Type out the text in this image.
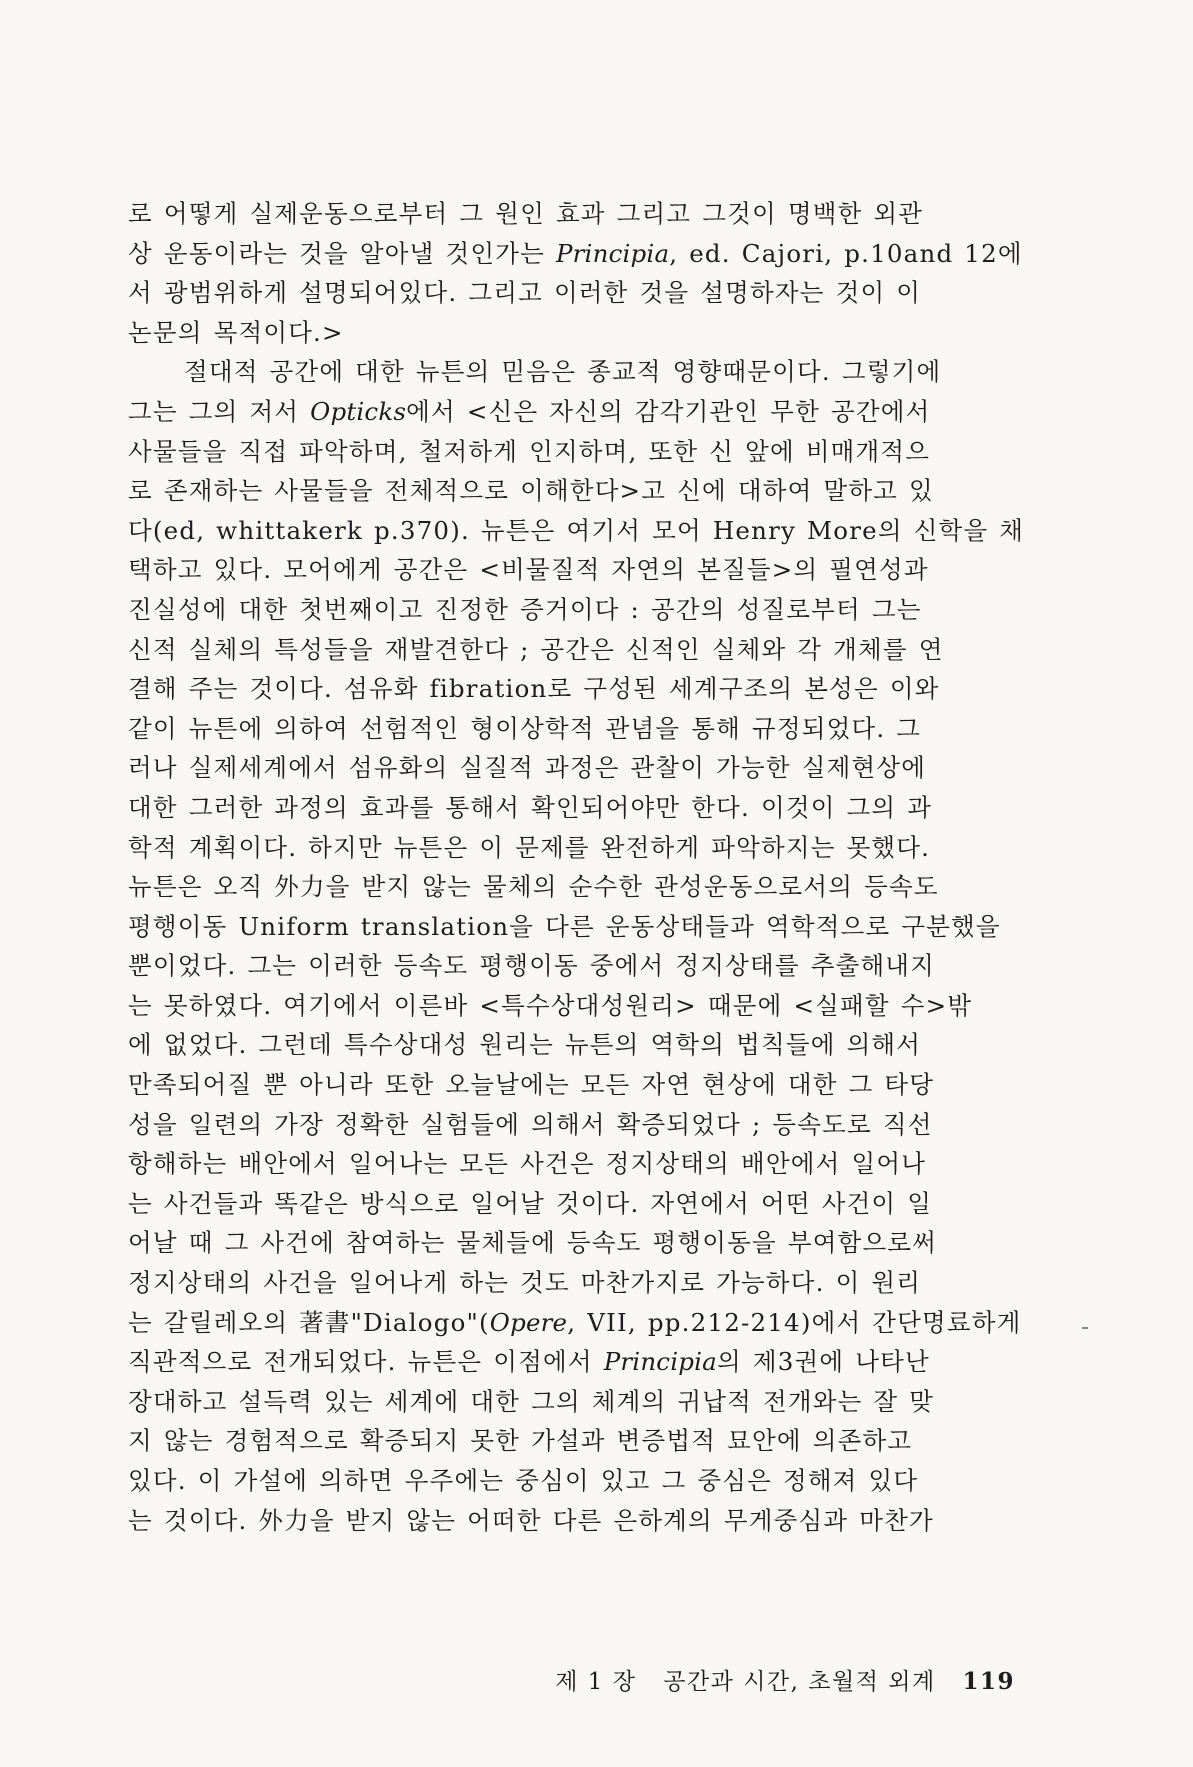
로 어떻게 실제운동으로부터 그 원인 효과 그리고 그것이 명백한 외관
상 운동이라는 것을 알아낼 것인가는 Principia, ed. Cajori, p.10and 12에
서 광범위하게 설명되어있다. 그리고 이러한 것을 설명하자는 것이 이
논문의 목적이다.>
절대적 공간에 대한 뉴튼의 믿음은 종교적 영향때문이다. 그렇기에
그는 그의 저서 Opticks에서 <신은 자신의 감각기관인 무한 공간에서
사물들을 직접 파악하며, 철저하게 인지하며, 또한 신 앞에 비매개적으
로 존재하는 사물들을 전체적으로 이해한다>고 신에 대하여 말하고 있
다(ed, whittakerk p.370). 뉴튼은 여기서 모어 Henry More의 신학을 채
택하고 있다. 모어에게 공간은 <비물질적 자연의 본질들>의 필연성과
진실성에 대한 첫번째이고 진정한 증거이다 : 공간의 성질로부터 그는
신적 실체의 특성들을 재발견한다 ; 공간은 신적인 실체와 각 개체를 연
결해 주는 것이다. 섬유화 fibration로 구성된 세계구조의 본성은 이와
같이 뉴튼에 의하여 선험적인 형이상학적 관념을 통해 규정되었다. 그
러나 실제세계에서 섬유화의 실질적 과정은 관찰이 가능한 실제현상에
대한 그러한 과정의 효과를 통해서 확인되어야만 한다. 이것이 그의 과
학적 계획이다. 하지만 뉴튼은 이 문제를 완전하게 파악하지는 못했다.
뉴튼은 오직 外力을 받지 않는 물체의 순수한 관성운동으로서의 등속도
평행이동 Uniform translation을 다른 운동상태들과 역학적으로 구분했을
뿐이었다. 그는 이러한 등속도 평행이동 중에서 정지상태를 추출해내지
는 못하였다. 여기에서 이른바 <특수상대성원리> 때문에 <실패할 수>밖
에 없었다. 그런데 특수상대성 원리는 뉴튼의 역학의 법칙들에 의해서
만족되어질 뿐 아니라 또한 오늘날에는 모든 자연 현상에 대한 그 타당
성을 일련의 가장 정확한 실험들에 의해서 확증되었다 ; 등속도로 직선
항해하는 배안에서 일어나는 모든 사건은 정지상태의 배안에서 일어나
는 사건들과 똑같은 방식으로 일어날 것이다. 자연에서 어떤 사건이 일
어날 때 그 사건에 참여하는 물체들에 등속도 평행이동을 부여함으로써
정지상태의 사건을 일어나게 하는 것도 마찬가지로 가능하다. 이 원리
는 갈릴레오의 著書"Dialogo"(Opere, VII, pp.212-214)에서 간단명료하게
직관적으로 전개되었다. 뉴튼은 이점에서 Principia의 제3권에 나타난
장대하고 설득력 있는 세계에 대한 그의 체계의 귀납적 전개와는 잘 맞
지 않는 경험적으로 확증되지 못한 가설과 변증법적 묘안에 의존하고
있다. 이 가설에 의하면 우주에는 중심이 있고 그 중심은 정해져 있다
는 것이다. 外力을 받지 않는 어떠한 다른 은하계의 무게중심과 마찬가
제 1 장 공간과 시간, 초월적 외계 119
